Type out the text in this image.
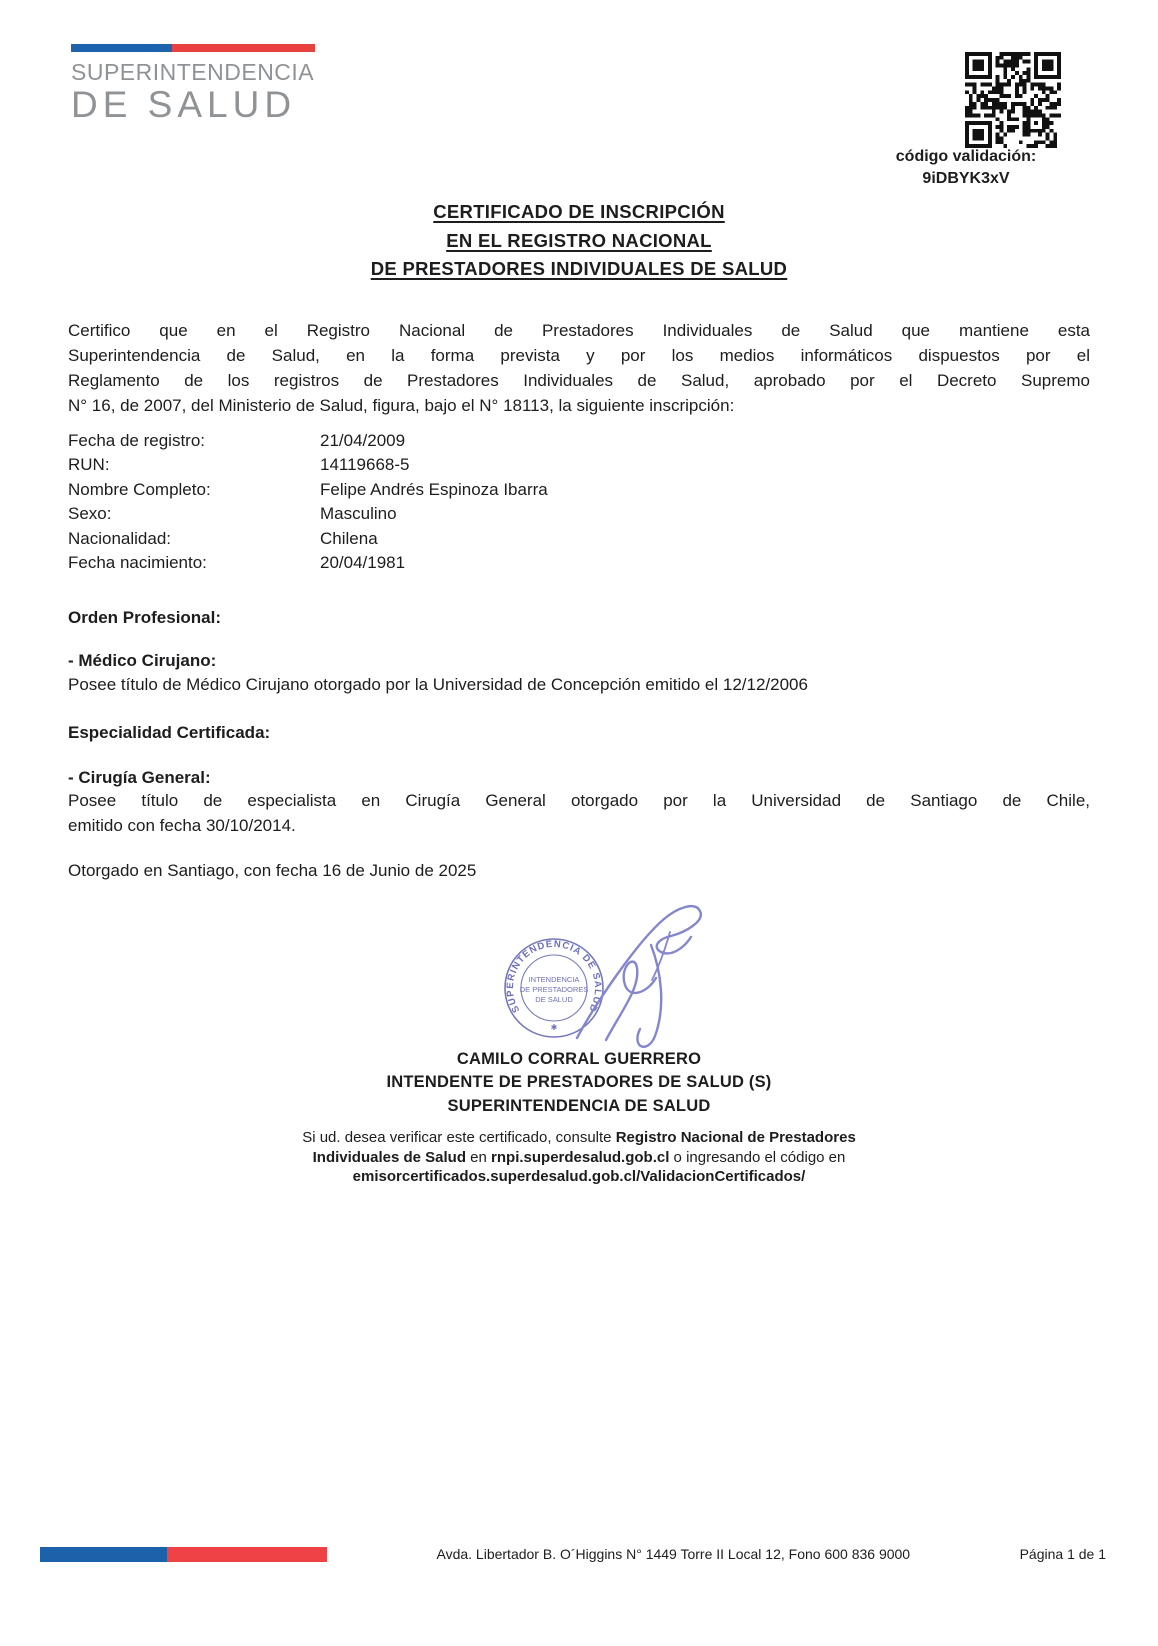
SUPERINTENDENCIA
DE SALUD
código validación:
9iDBYK3xV
CERTIFICADO DE INSCRIPCIÓN
EN EL REGISTRO NACIONAL
DE PRESTADORES INDIVIDUALES DE SALUD
Certifico que en el Registro Nacional de Prestadores Individuales de Salud que mantiene esta
Superintendencia de Salud, en la forma prevista y por los medios informáticos dispuestos por el
Reglamento de los registros de Prestadores Individuales de Salud, aprobado por el Decreto Supremo
N° 16, de 2007, del Ministerio de Salud, figura, bajo el N° 18113, la siguiente inscripción:
Fecha de registro:	21/04/2009
RUN:	14119668-5
Nombre Completo:	Felipe Andrés Espinoza Ibarra
Sexo:	Masculino
Nacionalidad:	Chilena
Fecha nacimiento:	20/04/1981
Orden Profesional:
- Médico Cirujano:
Posee título de Médico Cirujano otorgado por la Universidad de Concepción emitido el 12/12/2006
Especialidad Certificada:
- Cirugía General:
Posee título de especialista en Cirugía General otorgado por la Universidad de Santiago de Chile,
emitido con fecha 30/10/2014.
Otorgado en Santiago, con fecha 16 de Junio de 2025
SUPERINTENDENCIA DE SALUD
INTENDENCIA
DE PRESTADORES
DE SALUD
✱
CAMILO CORRAL GUERRERO
INTENDENTE DE PRESTADORES DE SALUD (S)
SUPERINTENDENCIA DE SALUD
Si ud. desea verificar este certificado, consulte Registro Nacional de Prestadores
Individuales de Salud en rnpi.superdesalud.gob.cl o ingresando el código en
emisorcertificados.superdesalud.gob.cl/ValidacionCertificados/
Avda. Libertador B. O´Higgins N° 1449 Torre II Local 12, Fono 600 836 9000	Página 1 de 1
